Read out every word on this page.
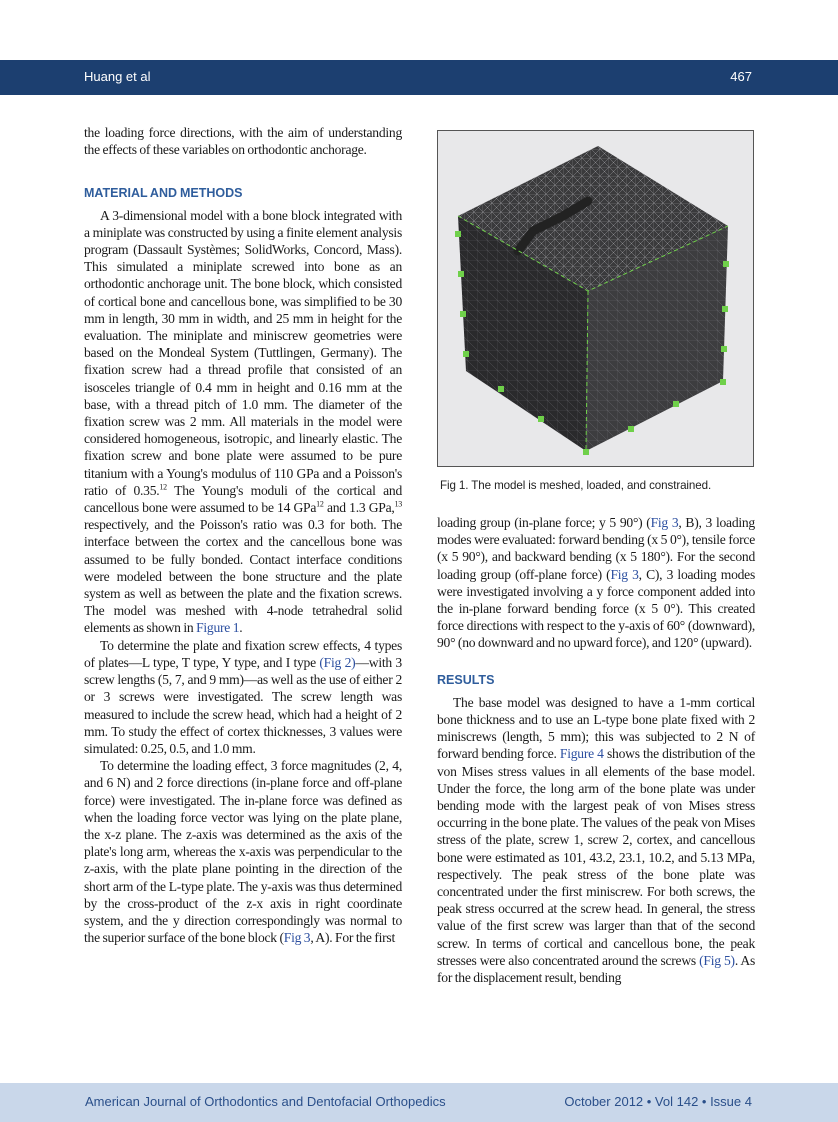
Huang et al	467

the loading force directions, with the aim of understanding the effects of these variables on orthodontic anchorage.

MATERIAL AND METHODS

A 3-dimensional model with a bone block integrated with a miniplate was constructed by using a finite element analysis program (Dassault Systèmes; SolidWorks, Concord, Mass). This simulated a miniplate screwed into bone as an orthodontic anchorage unit. The bone block, which consisted of cortical bone and cancellous bone, was simplified to be 30 mm in length, 30 mm in width, and 25 mm in height for the evaluation. The miniplate and miniscrew geometries were based on the Mondeal System (Tuttlingen, Germany). The fixation screw had a thread profile that consisted of an isosceles triangle of 0.4 mm in height and 0.16 mm at the base, with a thread pitch of 1.0 mm. The diameter of the fixation screw was 2 mm. All materials in the model were considered homogeneous, isotropic, and linearly elastic. The fixation screw and bone plate were assumed to be pure titanium with a Young's modulus of 110 GPa and a Poisson's ratio of 0.35.12 The Young's moduli of the cortical and cancellous bone were assumed to be 14 GPa$^{12}$ and 1.3 GPa,$^{13}$ respectively, and the Poisson's ratio was 0.3 for both. The interface between the cortex and the cancellous bone was assumed to be fully bonded. Contact interface conditions were modeled between the bone structure and the plate system as well as between the plate and the fixation screws. The model was meshed with 4-node tetrahedral solid elements as shown in Figure 1.

To determine the plate and fixation screw effects, 4 types of plates—L type, T type, Y type, and I type (Fig 2)—with 3 screw lengths (5, 7, and 9 mm)—as well as the use of either 2 or 3 screws were investigated. The screw length was measured to include the screw head, which had a height of 2 mm. To study the effect of cortex thicknesses, 3 values were simulated: 0.25, 0.5, and 1.0 mm.

To determine the loading effect, 3 force magnitudes (2, 4, and 6 N) and 2 force directions (in-plane force and off-plane force) were investigated. The in-plane force was defined as when the loading force vector was lying on the plate plane, the x-z plane. The z-axis was determined as the axis of the plate's long arm, whereas the x-axis was perpendicular to the z-axis, with the plate plane pointing in the direction of the short arm of the L-type plate. The y-axis was thus determined by the cross-product of the z-x axis in right coordinate system, and the y direction correspondingly was normal to the superior surface of the bone block (Fig 3, A). For the first

Fig 1. The model is meshed, loaded, and constrained.

loading group (in-plane force; y 5 90°) (Fig 3, B), 3 loading modes were evaluated: forward bending (x 5 0°), tensile force (x 5 90°), and backward bending (x 5 180°). For the second loading group (off-plane force) (Fig 3, C), 3 loading modes were investigated involving a y force component added into the in-plane forward bending force (x 5 0°). This created force directions with respect to the y-axis of 60° (downward), 90° (no downward and no upward force), and 120° (upward).

RESULTS

The base model was designed to have a 1-mm cortical bone thickness and to use an L-type bone plate fixed with 2 miniscrews (length, 5 mm); this was subjected to 2 N of forward bending force. Figure 4 shows the distribution of the von Mises stress values in all elements of the base model. Under the force, the long arm of the bone plate was under bending mode with the largest peak of von Mises stress occurring in the bone plate. The values of the peak von Mises stress of the plate, screw 1, screw 2, cortex, and cancellous bone were estimated as 101, 43.2, 23.1, 10.2, and 5.13 MPa, respectively. The peak stress of the bone plate was concentrated under the first miniscrew. For both screws, the peak stress occurred at the screw head. In general, the stress value of the first screw was larger than that of the second screw. In terms of cortical and cancellous bone, the peak stresses were also concentrated around the screws (Fig 5). As for the displacement result, bending

American Journal of Orthodontics and Dentofacial Orthopedics	October 2012 • Vol 142 • Issue 4
